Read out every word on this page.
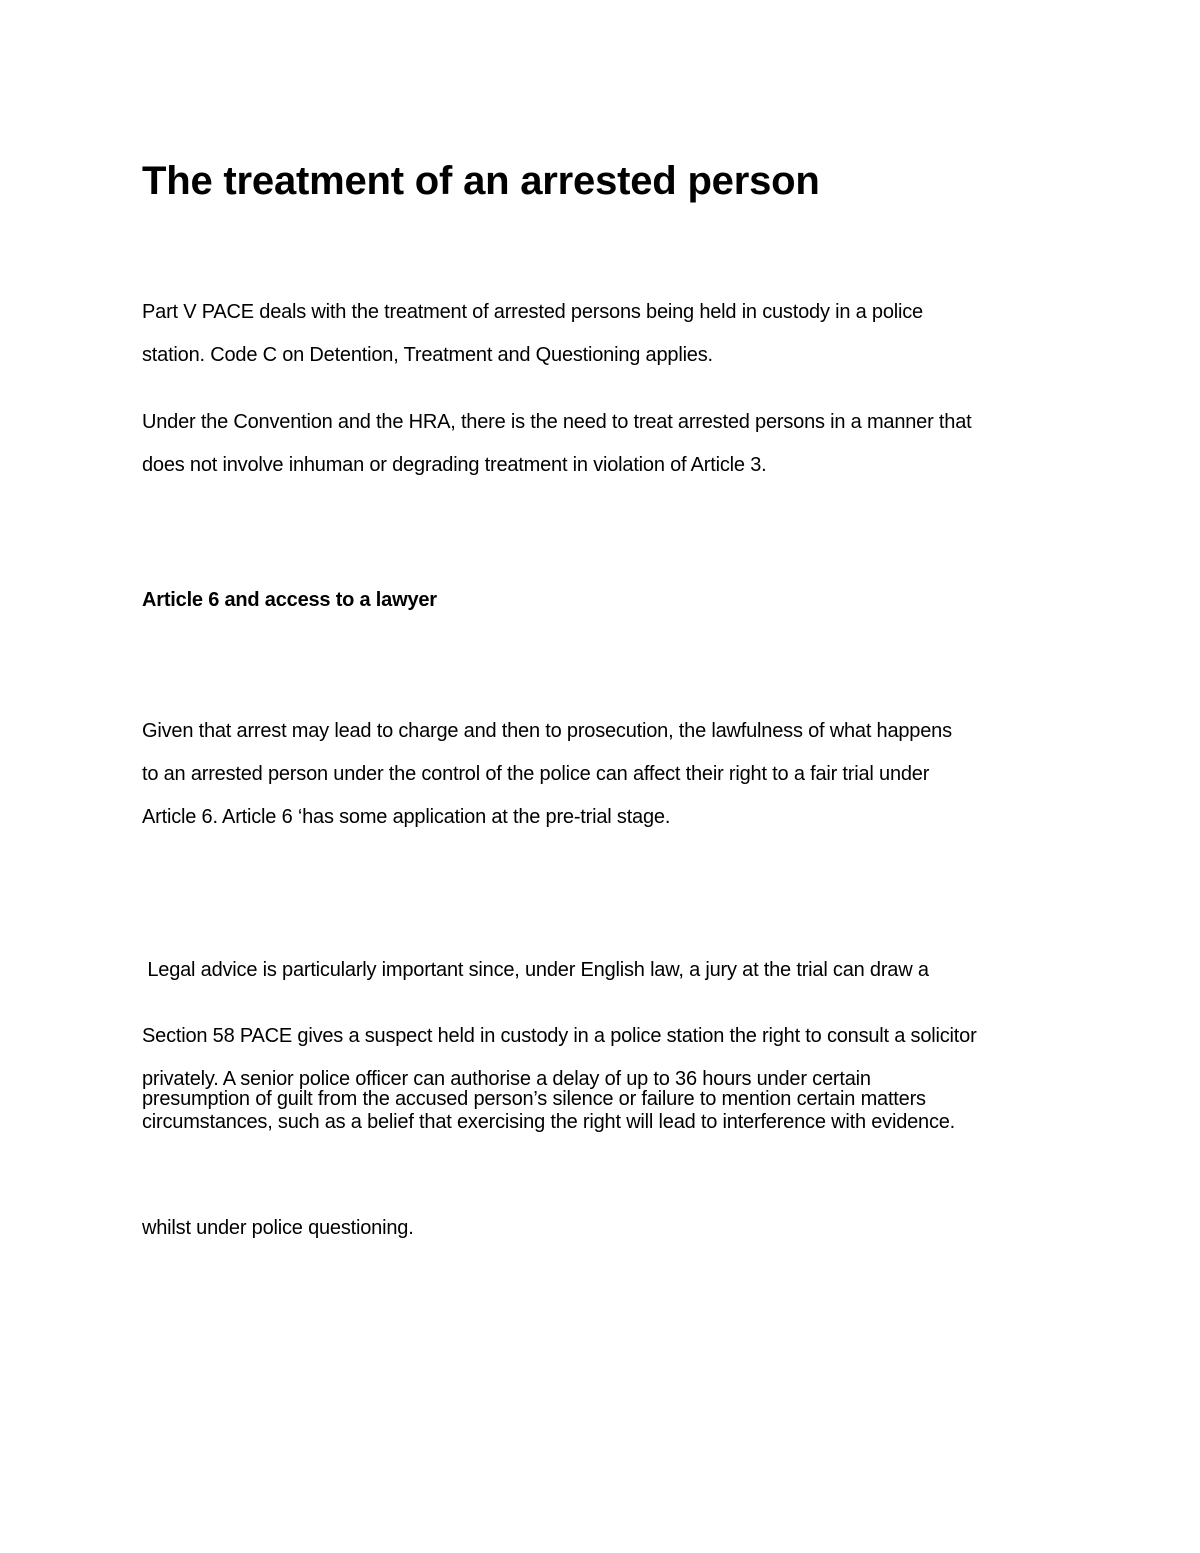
The treatment of an arrested person

Part V PACE deals with the treatment of arrested persons being held in custody in a police
station. Code C on Detention, Treatment and Questioning applies.

Under the Convention and the HRA, there is the need to treat arrested persons in a manner that
does not involve inhuman or degrading treatment in violation of Article 3.

Article 6 and access to a lawyer

Given that arrest may lead to charge and then to prosecution, the lawfulness of what happens
to an arrested person under the control of the police can affect their right to a fair trial under
Article 6. Article 6 ‘has some application at the pre-trial stage.

Legal advice is particularly important since, under English law, a jury at the trial can draw a

presumption of guilt from the accused person’s silence or failure to mention certain matters

whilst under police questioning.

Section 58 PACE gives a suspect held in custody in a police station the right to consult a solicitor
privately. A senior police officer can authorise a delay of up to 36 hours under certain
circumstances, such as a belief that exercising the right will lead to interference with evidence.
